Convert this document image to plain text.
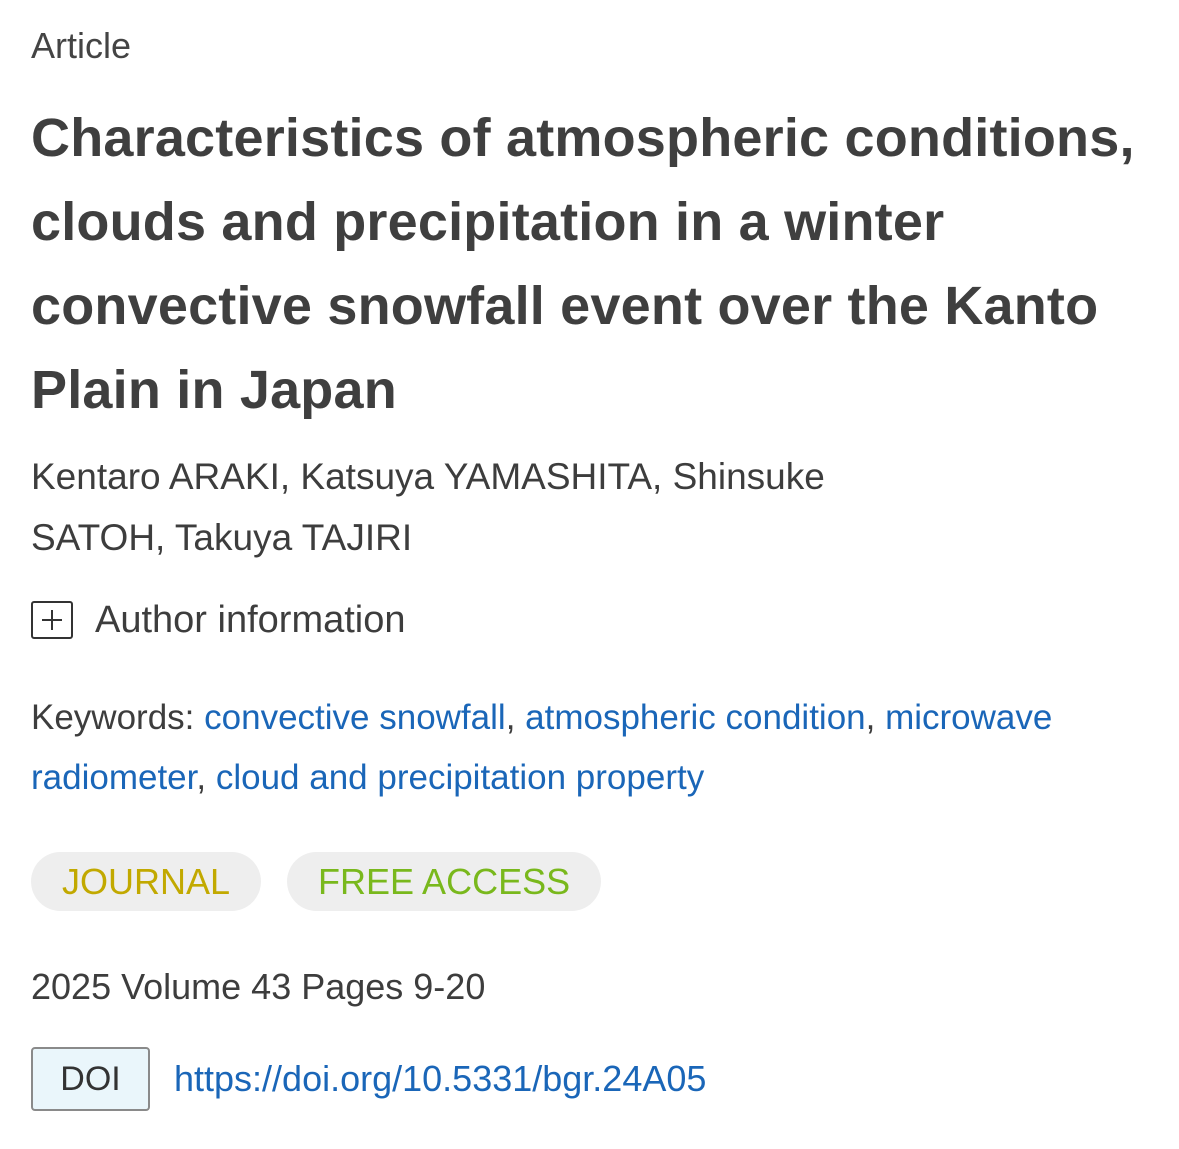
Article

Characteristics of atmospheric conditions, clouds and precipitation in a winter convective snowfall event over the Kanto Plain in Japan

Kentaro ARAKI, Katsuya YAMASHITA, Shinsuke SATOH, Takuya TAJIRI

Author information

Keywords: convective snowfall, atmospheric condition, microwave radiometer, cloud and precipitation property

JOURNAL	FREE ACCESS

2025 Volume 43 Pages 9-20

DOI	https://doi.org/10.5331/bgr.24A05
